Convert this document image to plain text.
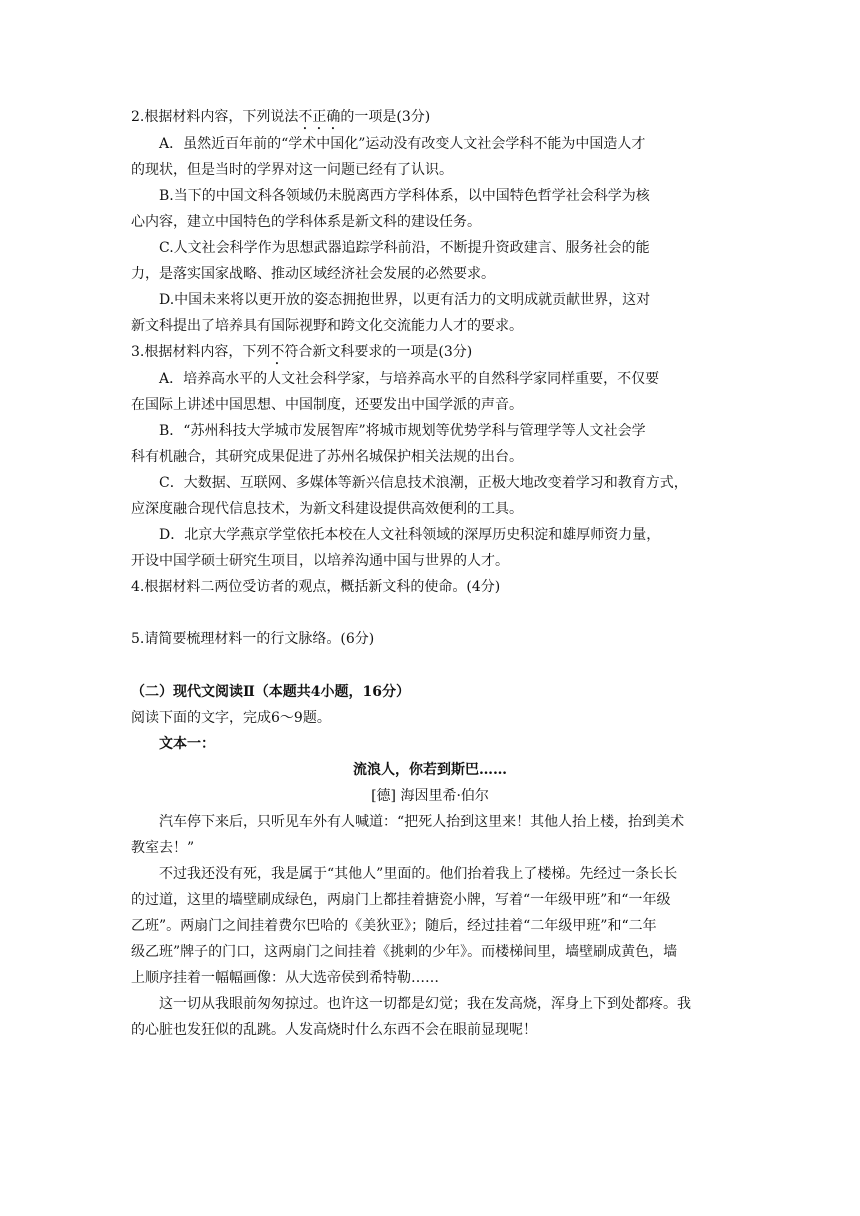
2.根据材料内容，下列说法不正确的一项是(3分)
A．虽然近百年前的“学术中国化”运动没有改变人文社会学科不能为中国造人才
的现状，但是当时的学界对这一问题已经有了认识。
B.当下的中国文科各领域仍未脱离西方学科体系，以中国特色哲学社会科学为核
心内容，建立中国特色的学科体系是新文科的建设任务。
C.人文社会科学作为思想武器追踪学科前沿，不断提升资政建言、服务社会的能
力，是落实国家战略、推动区域经济社会发展的必然要求。
D.中国未来将以更开放的姿态拥抱世界，以更有活力的文明成就贡献世界，这对
新文科提出了培养具有国际视野和跨文化交流能力人才的要求。
3.根据材料内容，下列不符合新文科要求的一项是(3分)
A．培养高水平的人文社会科学家，与培养高水平的自然科学家同样重要，不仅要
在国际上讲述中国思想、中国制度，还要发出中国学派的声音。
B．“苏州科技大学城市发展智库”将城市规划等优势学科与管理学等人文社会学
科有机融合，其研究成果促进了苏州名城保护相关法规的出台。
C．大数据、互联网、多媒体等新兴信息技术浪潮，正极大地改变着学习和教育方式，
应深度融合现代信息技术，为新文科建设提供高效便利的工具。
D．北京大学燕京学堂依托本校在人文社科领域的深厚历史积淀和雄厚师资力量，
开设中国学硕士研究生项目，以培养沟通中国与世界的人才。
4.根据材料二两位受访者的观点，概括新文科的使命。(4分)
5.请简要梳理材料一的行文脉络。(6分)
（二）现代文阅读Ⅱ（本题共4小题，16分）
阅读下面的文字，完成6～9题。
文本一：
流浪人，你若到斯巴……
[德] 海因里希·伯尔
汽车停下来后，只听见车外有人喊道：“把死人抬到这里来！其他人抬上楼，抬到美术
教室去！”
不过我还没有死，我是属于“其他人”里面的。他们抬着我上了楼梯。先经过一条长长
的过道，这里的墙壁刷成绿色，两扇门上都挂着搪瓷小牌，写着“一年级甲班”和“一年级
乙班”。两扇门之间挂着费尔巴哈的《美狄亚》；随后，经过挂着“二年级甲班”和“二年
级乙班”牌子的门口，这两扇门之间挂着《挑刺的少年》。而楼梯间里，墙壁刷成黄色，墙
上顺序挂着一幅幅画像：从大选帝侯到希特勒……
这一切从我眼前匆匆掠过。也许这一切都是幻觉；我在发高烧，浑身上下到处都疼。我
的心脏也发狂似的乱跳。人发高烧时什么东西不会在眼前显现呢！
